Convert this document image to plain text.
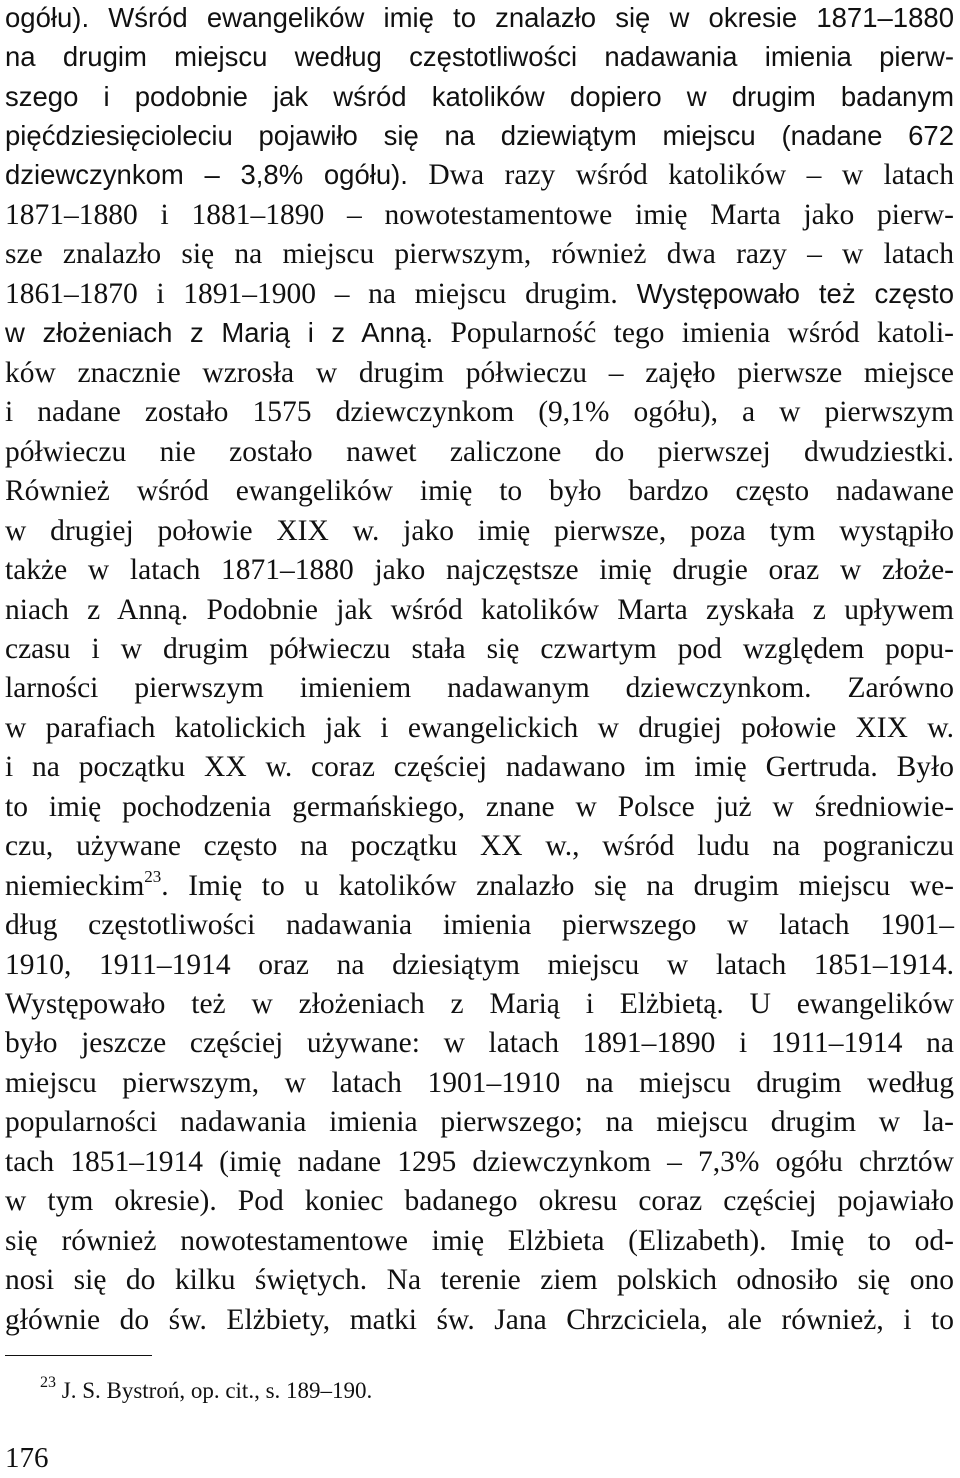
ogółu). Wśród ewangelików imię to znalazło się w okresie 1871–1880
na drugim miejscu według częstotliwości nadawania imienia pierw-
szego i podobnie jak wśród katolików dopiero w drugim badanym
pięćdziesięcioleciu pojawiło się na dziewiątym miejscu (nadane 672
dziewczynkom – 3,8% ogółu). Dwa razy wśród katolików – w latach
1871–1880 i 1881–1890 – nowotestamentowe imię Marta jako pierw-
sze znalazło się na miejscu pierwszym, również dwa razy – w latach
1861–1870 i 1891–1900 – na miejscu drugim. Występowało też często
w złożeniach z Marią i z Anną. Popularność tego imienia wśród katoli-
ków znacznie wzrosła w drugim półwieczu – zajęło pierwsze miejsce
i nadane zostało 1575 dziewczynkom (9,1% ogółu), a w pierwszym
półwieczu nie zostało nawet zaliczone do pierwszej dwudziestki.
Również wśród ewangelików imię to było bardzo często nadawane
w drugiej połowie XIX w. jako imię pierwsze, poza tym wystąpiło
także w latach 1871–1880 jako najczęstsze imię drugie oraz w złoże-
niach z Anną. Podobnie jak wśród katolików Marta zyskała z upływem
czasu i w drugim półwieczu stała się czwartym pod względem popu-
larności pierwszym imieniem nadawanym dziewczynkom. Zarówno
w parafiach katolickich jak i ewangelickich w drugiej połowie XIX w.
i na początku XX w. coraz częściej nadawano im imię Gertruda. Było
to imię pochodzenia germańskiego, znane w Polsce już w średniowie-
czu, używane często na początku XX w., wśród ludu na pograniczu
niemieckim$^{23}$. Imię to u katolików znalazło się na drugim miejscu we-
dług częstotliwości nadawania imienia pierwszego w latach 1901–
1910, 1911–1914 oraz na dziesiątym miejscu w latach 1851–1914.
Występowało też w złożeniach z Marią i Elżbietą. U ewangelików
było jeszcze częściej używane: w latach 1891–1890 i 1911–1914 na
miejscu pierwszym, w latach 1901–1910 na miejscu drugim według
popularności nadawania imienia pierwszego; na miejscu drugim w la-
tach 1851–1914 (imię nadane 1295 dziewczynkom – 7,3% ogółu chrztów
w tym okresie). Pod koniec badanego okresu coraz częściej pojawiało
się również nowotestamentowe imię Elżbieta (Elizabeth). Imię to od-
nosi się do kilku świętych. Na terenie ziem polskich odnosiło się ono
głównie do św. Elżbiety, matki św. Jana Chrzciciela, ale również, i to
$^{23}$ J. S. Bystroń, op. cit., s. 189–190.
176
